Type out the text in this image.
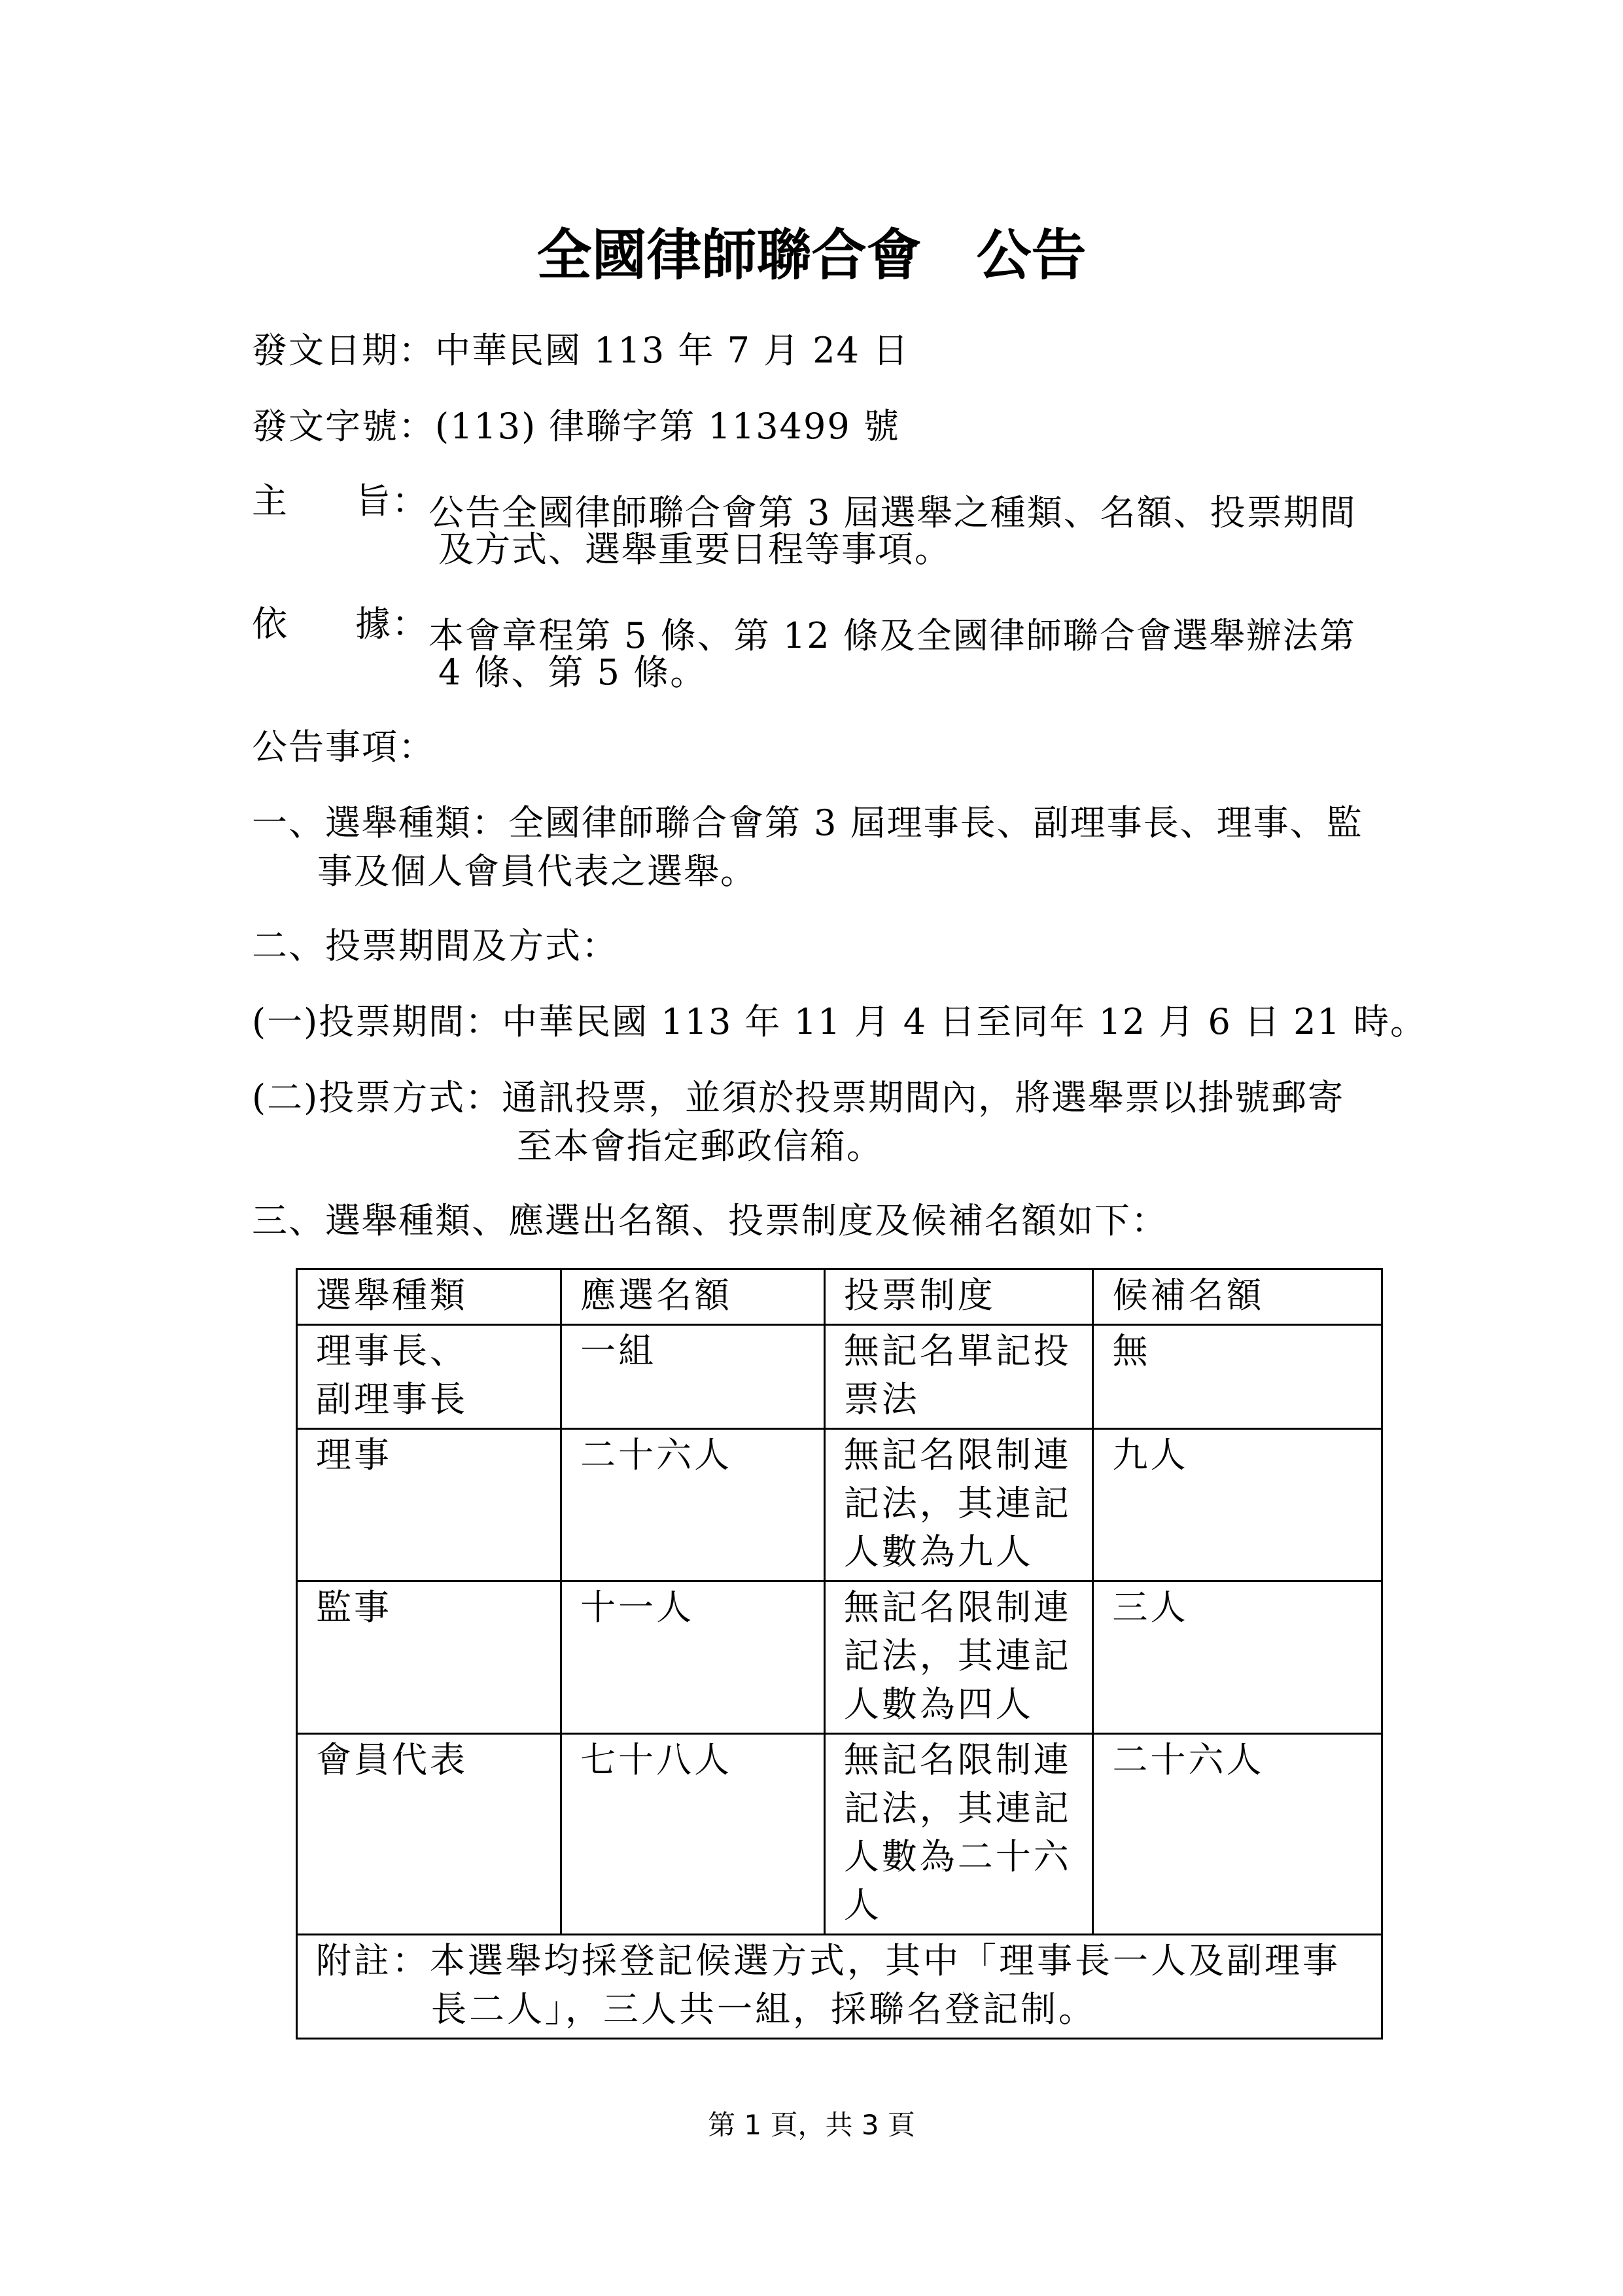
全國律師聯合會　公告

發文日期：中華民國 113 年 7 月 24 日

發文字號：(113) 律聯字第 113499 號

主 旨： 公告全國律師聯合會第 3 屆選舉之種類、名額、投票期間

及方式、選舉重要日程等事項。

依 據： 本會章程第 5 條、第 12 條及全國律師聯合會選舉辦法第

4 條、第 5 條。

公告事項：

一、選舉種類：全國律師聯合會第 3 屆理事長、副理事長、理事、監

事及個人會員代表之選舉。

二、投票期間及方式：

(一)投票期間：中華民國 113 年 11 月 4 日至同年 12 月 6 日 21 時。

(二)投票方式：通訊投票，並須於投票期間內，將選舉票以掛號郵寄

至本會指定郵政信箱。

三、選舉種類、應選出名額、投票制度及候補名額如下：

選舉種類	應選名額	投票制度	候補名額

理事長、
副理事長	一組	無記名單記投票法	無

理事	二十六人	無記名限制連記法，其連記人數為九人	九人

監事	十一人	無記名限制連記法，其連記人數為四人	三人

會員代表	七十八人	無記名限制連記法，其連記人數為二十六人	二十六人

附註：本選舉均採登記候選方式，其中「理事長一人及副理事
長二人」，三人共一組，採聯名登記制。			
第 1 頁，共 3 頁
